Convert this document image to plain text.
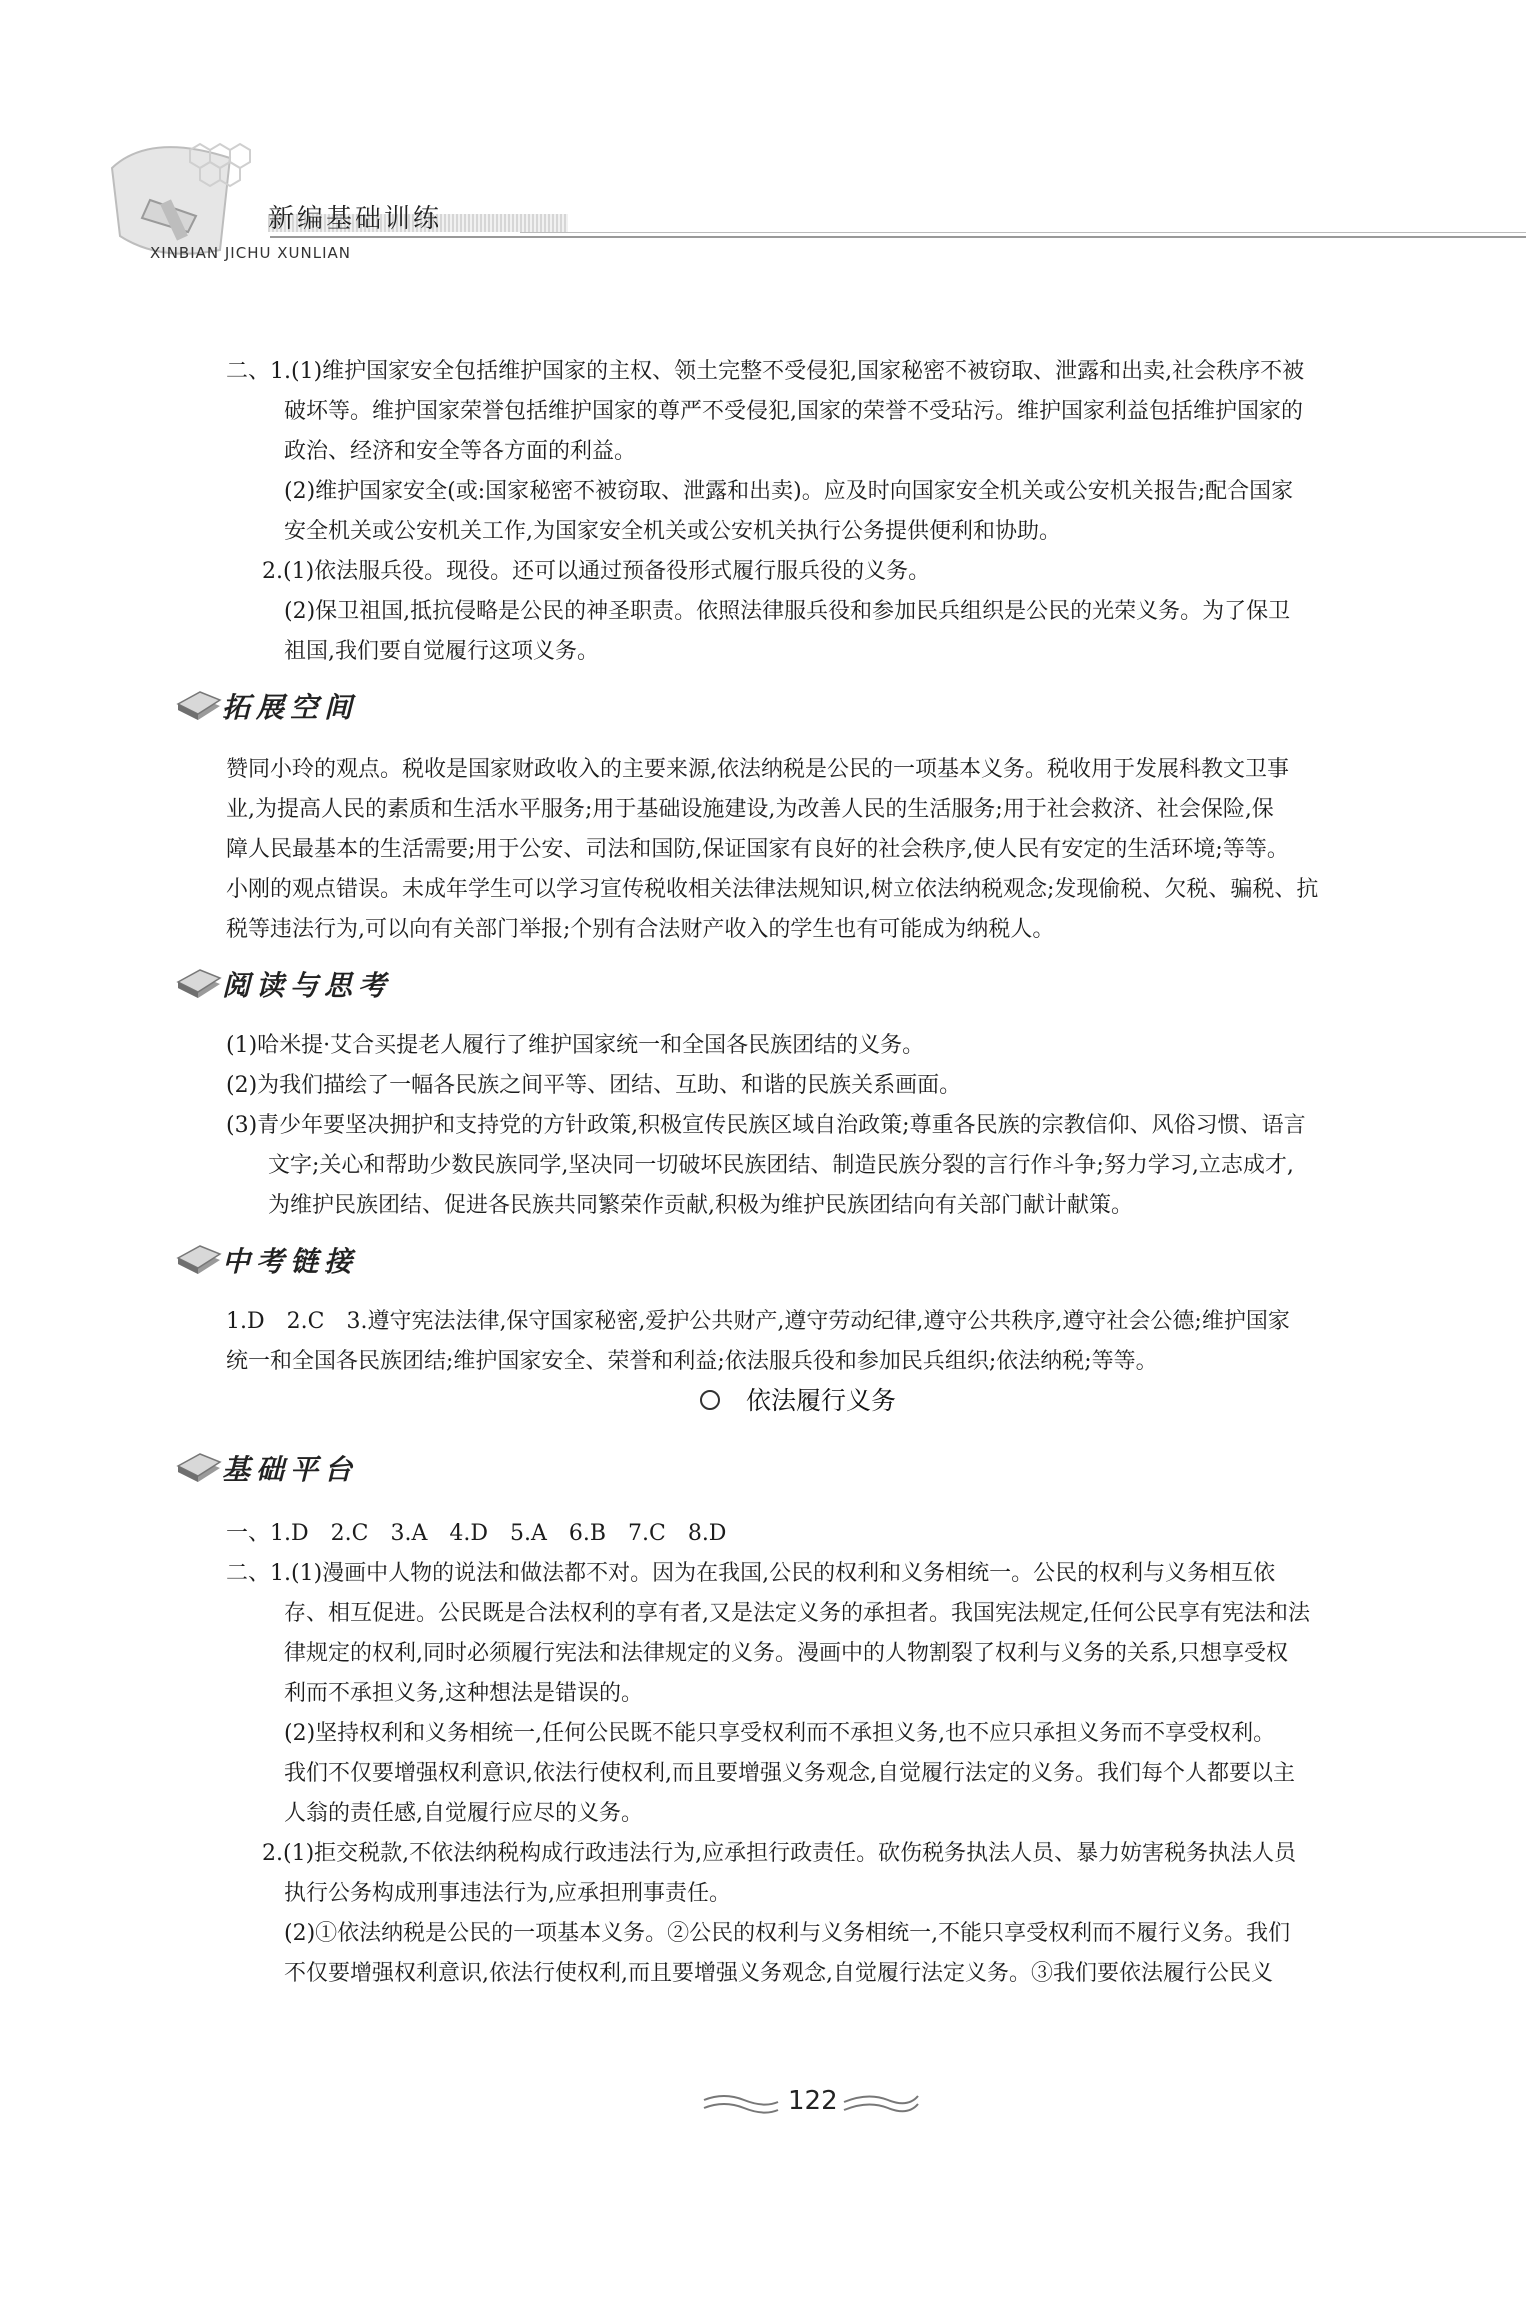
新编基础训练
XINBIAN JICHU XUNLIAN
二、1.(1)维护国家安全包括维护国家的主权、领土完整不受侵犯,国家秘密不被窃取、泄露和出卖,社会秩序不被
破坏等。维护国家荣誉包括维护国家的尊严不受侵犯,国家的荣誉不受玷污。维护国家利益包括维护国家的
政治、经济和安全等各方面的利益。
(2)维护国家安全(或:国家秘密不被窃取、泄露和出卖)。应及时向国家安全机关或公安机关报告;配合国家
安全机关或公安机关工作,为国家安全机关或公安机关执行公务提供便利和协助。
2.(1)依法服兵役。现役。还可以通过预备役形式履行服兵役的义务。
(2)保卫祖国,抵抗侵略是公民的神圣职责。依照法律服兵役和参加民兵组织是公民的光荣义务。为了保卫
祖国,我们要自觉履行这项义务。
拓展空间
赞同小玲的观点。税收是国家财政收入的主要来源,依法纳税是公民的一项基本义务。税收用于发展科教文卫事
业,为提高人民的素质和生活水平服务;用于基础设施建设,为改善人民的生活服务;用于社会救济、社会保险,保
障人民最基本的生活需要;用于公安、司法和国防,保证国家有良好的社会秩序,使人民有安定的生活环境;等等。
小刚的观点错误。未成年学生可以学习宣传税收相关法律法规知识,树立依法纳税观念;发现偷税、欠税、骗税、抗
税等违法行为,可以向有关部门举报;个别有合法财产收入的学生也有可能成为纳税人。
阅读与思考
(1)哈米提·艾合买提老人履行了维护国家统一和全国各民族团结的义务。
(2)为我们描绘了一幅各民族之间平等、团结、互助、和谐的民族关系画面。
(3)青少年要坚决拥护和支持党的方针政策,积极宣传民族区域自治政策;尊重各民族的宗教信仰、风俗习惯、语言
文字;关心和帮助少数民族同学,坚决同一切破坏民族团结、制造民族分裂的言行作斗争;努力学习,立志成才,
为维护民族团结、促进各民族共同繁荣作贡献,积极为维护民族团结向有关部门献计献策。
中考链接
1.D　2.C　3.遵守宪法法律,保守国家秘密,爱护公共财产,遵守劳动纪律,遵守公共秩序,遵守社会公德;维护国家
统一和全国各民族团结;维护国家安全、荣誉和利益;依法服兵役和参加民兵组织;依法纳税;等等。
依法履行义务
基础平台
一、1.D　2.C　3.A　4.D　5.A　6.B　7.C　8.D
二、1.(1)漫画中人物的说法和做法都不对。因为在我国,公民的权利和义务相统一。公民的权利与义务相互依
存、相互促进。公民既是合法权利的享有者,又是法定义务的承担者。我国宪法规定,任何公民享有宪法和法
律规定的权利,同时必须履行宪法和法律规定的义务。漫画中的人物割裂了权利与义务的关系,只想享受权
利而不承担义务,这种想法是错误的。
(2)坚持权利和义务相统一,任何公民既不能只享受权利而不承担义务,也不应只承担义务而不享受权利。
我们不仅要增强权利意识,依法行使权利,而且要增强义务观念,自觉履行法定的义务。我们每个人都要以主
人翁的责任感,自觉履行应尽的义务。
2.(1)拒交税款,不依法纳税构成行政违法行为,应承担行政责任。砍伤税务执法人员、暴力妨害税务执法人员
执行公务构成刑事违法行为,应承担刑事责任。
(2)①依法纳税是公民的一项基本义务。②公民的权利与义务相统一,不能只享受权利而不履行义务。我们
不仅要增强权利意识,依法行使权利,而且要增强义务观念,自觉履行法定义务。③我们要依法履行公民义
122
